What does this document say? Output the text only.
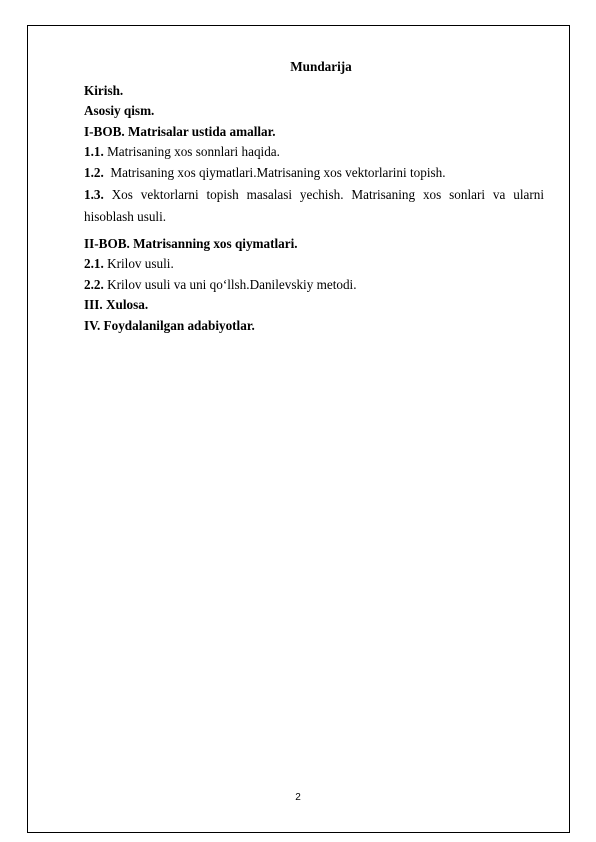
Mundarija

Kirish.

Asosiy qism.

I-BOB. Matrisalar ustida amallar.

1.1. Matrisaning xos sonnlari haqida.

1.2. Matrisaning xos qiymatlari.Matrisaning xos vektorlarini topish.

1.3. Xos vektorlarni topish masalasi yechish. Matrisaning xos sonlari va ularni hisoblash usuli.

II-BOB. Matrisanning xos qiymatlari.

2.1. Krilov usuli.

2.2. Krilov usuli va uni qo‘llsh.Danilevskiy metodi.

III. Xulosa.

IV. Foydalanilgan adabiyotlar.

2
